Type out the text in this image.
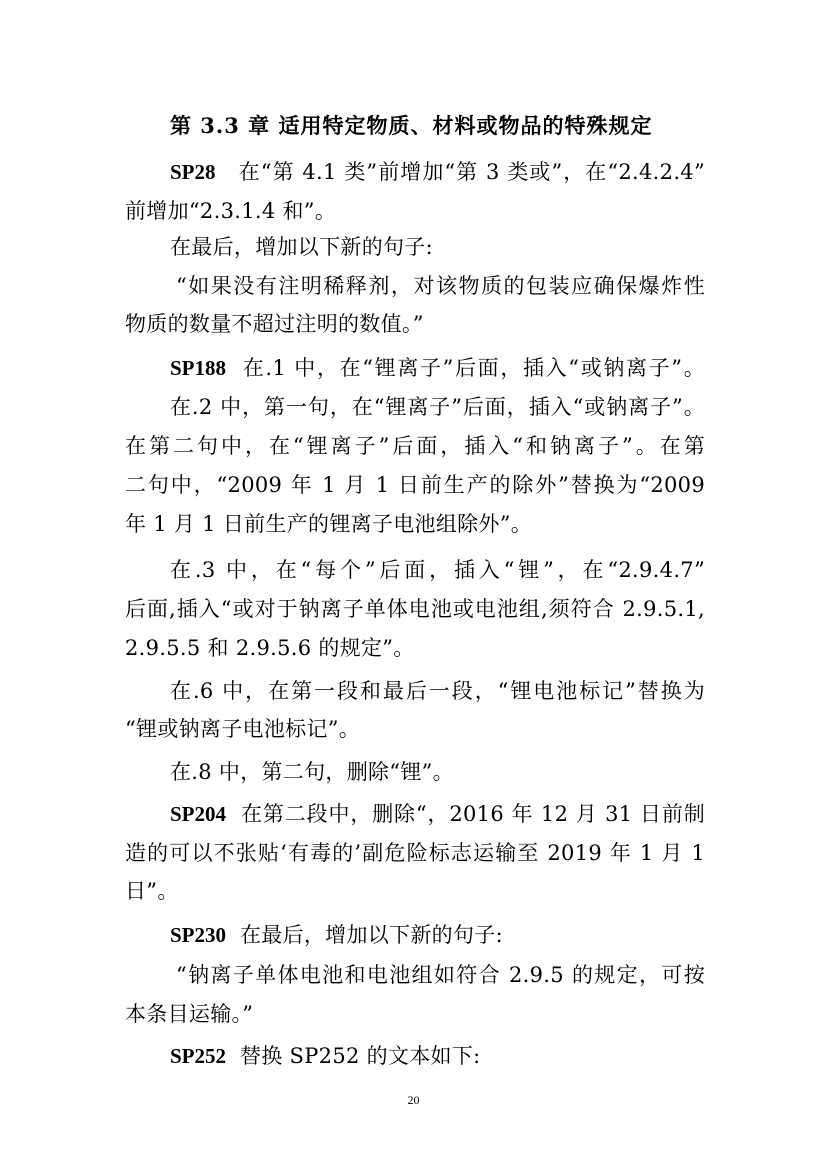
第 3.3 章 适用特定物质、材料或物品的特殊规定
SP28 在“第 4.1 类”前增加“第 3 类或”，在“2.4.2.4”
前增加“2.3.1.4 和”。
在最后，增加以下新的句子:
“如果没有注明稀释剂，对该物质的包装应确保爆炸性
物质的数量不超过注明的数值。”
SP188 在.1 中，在“锂离子”后面，插入“或钠离子”。
在.2 中，第一句，在“锂离子”后面，插入“或钠离子”。
在第二句中，在“锂离子”后面，插入“和钠离子”。在第
二句中，“2009 年 1 月 1 日前生产的除外”替换为“2009
年 1 月 1 日前生产的锂离子电池组除外”。
在.3 中，在“每个”后面，插入“锂”，在“2.9.4.7”
后面,插入“或对于钠离子单体电池或电池组,须符合 2.9.5.1,
2.9.5.5 和 2.9.5.6 的规定”。
在.6 中，在第一段和最后一段，“锂电池标记”替换为
“锂或钠离子电池标记”。
在.8 中，第二句，删除“锂”。
SP204 在第二段中，删除“，2016 年 12 月 31 日前制
造的可以不张贴‘有毒的’副危险标志运输至 2019 年 1 月 1
日”。
SP230 在最后，增加以下新的句子:
“钠离子单体电池和电池组如符合 2.9.5 的规定，可按
本条目运输。”
SP252 替换 SP252 的文本如下:
20
